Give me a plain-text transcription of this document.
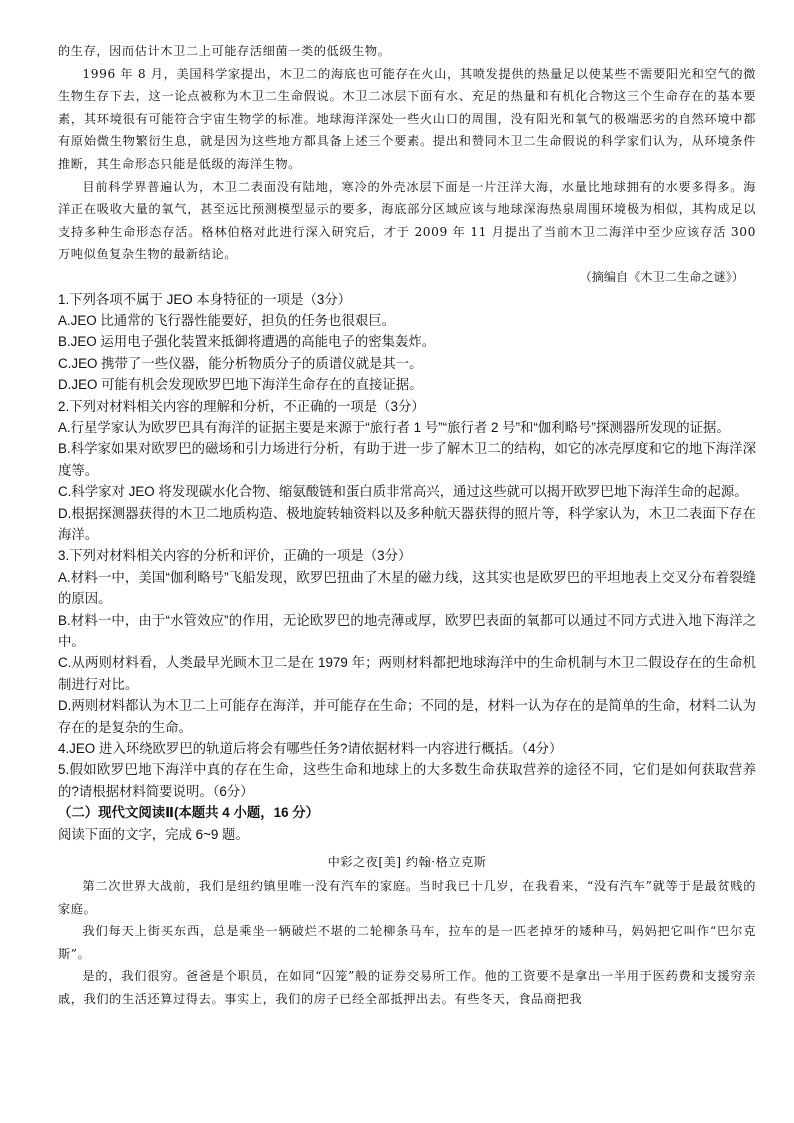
的生存，因而估计木卫二上可能存活细菌一类的低级生物。

1996 年 8 月，美国科学家提出，木卫二的海底也可能存在火山，其喷发提供的热量足以使某些不需要阳光和空气的微生物生存下去，这一论点被称为木卫二生命假说。木卫二冰层下面有水、充足的热量和有机化合物这三个生命存在的基本要素，其环境很有可能符合宇宙生物学的标准。地球海洋深处一些火山口的周围，没有阳光和氧气的极端恶劣的自然环境中都有原始微生物繁衍生息，就是因为这些地方都具备上述三个要素。提出和赞同木卫二生命假说的科学家们认为，从环境条件推断，其生命形态只能是低级的海洋生物。

目前科学界普遍认为，木卫二表面没有陆地，寒冷的外壳冰层下面是一片汪洋大海，水量比地球拥有的水要多得多。海洋正在吸收大量的氧气，甚至远比预测模型显示的要多，海底部分区域应该与地球深海热泉周围环境极为相似，其构成足以支持多种生命形态存活。格林伯格对此进行深入研究后，才于 2009 年 11 月提出了当前木卫二海洋中至少应该存活 300 万吨似鱼复杂生物的最新结论。

（摘编自《木卫二生命之谜》）

1.下列各项不属于 JEO 本身特征的一项是（3分）

A.JEO 比通常的飞行器性能要好，担负的任务也很艰巨。

B.JEO 运用电子强化装置来抵御将遭遇的高能电子的密集轰炸。

C.JEO 携带了一些仪器，能分析物质分子的质谱仪就是其一。

D.JEO 可能有机会发现欧罗巴地下海洋生命存在的直接证据。

2.下列对材料相关内容的理解和分析，不正确的一项是（3分）

A.行星学家认为欧罗巴具有海洋的证据主要是来源于“旅行者 1 号”“旅行者 2 号”和“伽利略号”探测器所发现的证据。

B.科学家如果对欧罗巴的磁场和引力场进行分析，有助于进一步了解木卫二的结构，如它的冰壳厚度和它的地下海洋深度等。

C.科学家对 JEO 将发现碳水化合物、缩氨酸链和蛋白质非常高兴，通过这些就可以揭开欧罗巴地下海洋生命的起源。

D.根据探测器获得的木卫二地质构造、极地旋转轴资料以及多种航天器获得的照片等，科学家认为，木卫二表面下存在海洋。

3.下列对材料相关内容的分析和评价，正确的一项是（3分）

A.材料一中，美国“伽利略号”飞船发现，欧罗巴扭曲了木星的磁力线，这其实也是欧罗巴的平坦地表上交叉分布着裂缝的原因。

B.材料一中，由于“水管效应”的作用，无论欧罗巴的地壳薄或厚，欧罗巴表面的氧都可以通过不同方式进入地下海洋之中。

C.从两则材料看，人类最早光顾木卫二是在 1979 年；两则材料都把地球海洋中的生命机制与木卫二假设存在的生命机制进行对比。

D.两则材料都认为木卫二上可能存在海洋，并可能存在生命；不同的是，材料一认为存在的是简单的生命，材料二认为存在的是复杂的生命。

4.JEO 进入环绕欧罗巴的轨道后将会有哪些任务?请依据材料一内容进行概括。（4分）

5.假如欧罗巴地下海洋中真的存在生命，这些生命和地球上的大多数生命获取营养的途径不同，它们是如何获取营养的?请根据材料简要说明。（6分）

（二）现代文阅读Ⅱ(本题共 4 小题，16 分）

阅读下面的文字，完成 6~9 题。

中彩之夜[美] 约翰·格立克斯

第二次世界大战前，我们是纽约镇里唯一没有汽车的家庭。当时我已十几岁，在我看来，“没有汽车”就等于是最贫贱的家庭。

我们每天上街买东西，总是乘坐一辆破烂不堪的二轮柳条马车，拉车的是一匹老掉牙的矮种马，妈妈把它叫作“巴尔克斯”。

是的，我们很穷。爸爸是个职员，在如同“囚笼”般的证券交易所工作。他的工资要不是拿出一半用于医药费和支援穷亲戚，我们的生活还算过得去。事实上，我们的房子已经全部抵押出去。有些冬天，食品商把我
